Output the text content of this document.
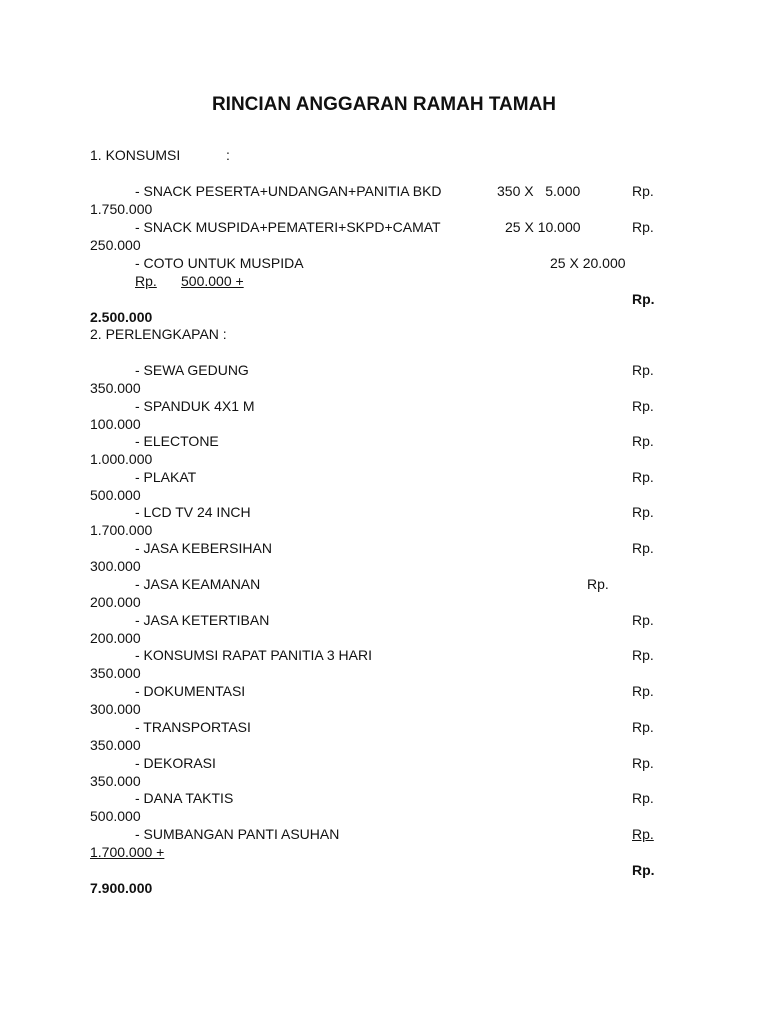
RINCIAN ANGGARAN RAMAH TAMAH
1. KONSUMSI	:
- SNACK PESERTA+UNDANGAN+PANITIA BKD	350 X   5.000	Rp.
1.750.000
- SNACK MUSPIDA+PEMATERI+SKPD+CAMAT	25 X 10.000	Rp.
250.000
- COTO UNTUK MUSPIDA	25 X 20.000
Rp. 500.000 +
Rp.
2.500.000
2. PERLENGKAPAN :
- SEWA GEDUNG	Rp.
350.000
- SPANDUK 4X1 M	Rp.
100.000
- ELECTONE	Rp.
1.000.000
- PLAKAT	Rp.
500.000
- LCD TV 24 INCH	Rp.
1.700.000
- JASA KEBERSIHAN	Rp.
300.000
- JASA KEAMANAN	Rp.
200.000
- JASA KETERTIBAN	Rp.
200.000
- KONSUMSI RAPAT PANITIA 3 HARI	Rp.
350.000
- DOKUMENTASI	Rp.
300.000
- TRANSPORTASI	Rp.
350.000
- DEKORASI	Rp.
350.000
- DANA TAKTIS	Rp.
500.000
- SUMBANGAN PANTI ASUHAN	Rp.
1.700.000 +
Rp.
7.900.000
